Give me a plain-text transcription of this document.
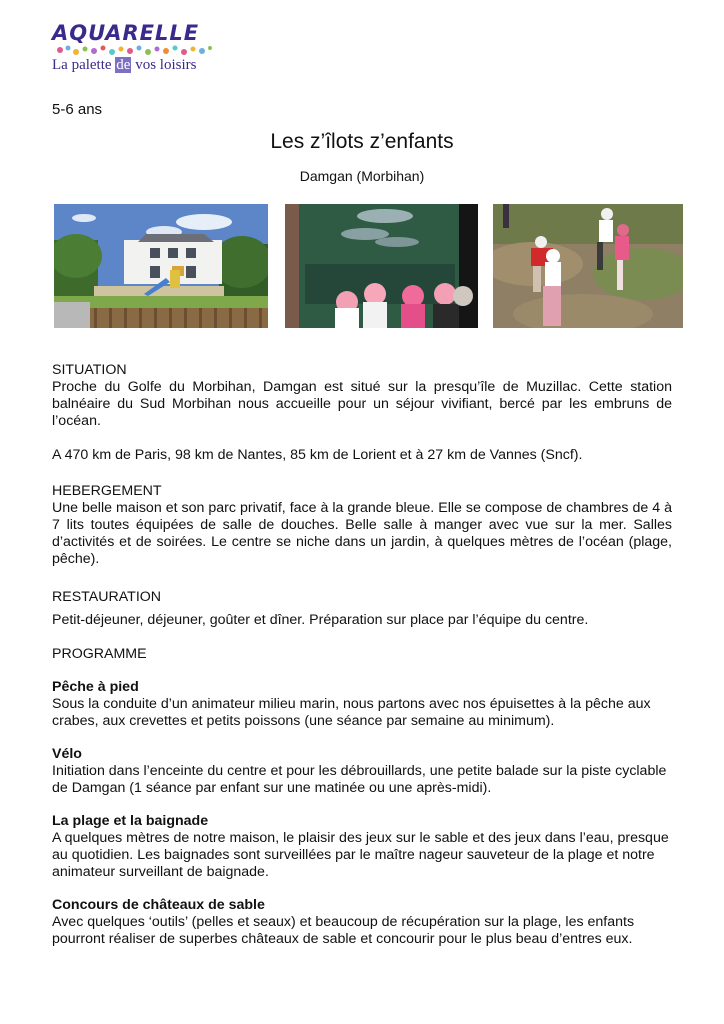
AQUARELLE
La palette de vos loisirs
5-6 ans
Les z’îlots z’enfants
Damgan (Morbihan)

SITUATION

Proche du Golfe du Morbihan, Damgan est situé sur la presqu’île de Muzillac. Cette station balnéaire du Sud Morbihan nous accueille pour un séjour vivifiant, bercé par les embruns de l’océan.

A 470 km de Paris, 98 km de Nantes, 85 km de Lorient et à 27 km de Vannes (Sncf).

HEBERGEMENT

Une belle maison et son parc privatif, face à la grande bleue. Elle se compose de chambres de 4 à 7 lits toutes équipées de salle de douches. Belle salle à manger avec vue sur la mer. Salles d’activités et de soirées. Le centre se niche dans un jardin, à quelques mètres de l’océan (plage, pêche).

RESTAURATION

Petit-déjeuner, déjeuner, goûter et dîner. Préparation sur place par l’équipe du centre.

PROGRAMME

Pêche à pied

Sous la conduite d’un animateur milieu marin, nous partons avec nos épuisettes à la pêche aux crabes, aux crevettes et petits poissons (une séance par semaine au minimum).

Vélo

Initiation dans l’enceinte du centre et pour les débrouillards, une petite balade sur la piste cyclable de Damgan (1 séance par enfant sur une matinée ou une après-midi).

La plage et la baignade

A quelques mètres de notre maison, le plaisir des jeux sur le sable et des jeux dans l’eau, presque au quotidien. Les baignades sont surveillées par le maître nageur sauveteur de la plage et notre animateur surveillant de baignade.

Concours de châteaux de sable

Avec quelques ‘outils’ (pelles et seaux) et beaucoup de récupération sur la plage, les enfants pourront réaliser de superbes châteaux de sable et concourir pour le plus beau d’entres eux.
